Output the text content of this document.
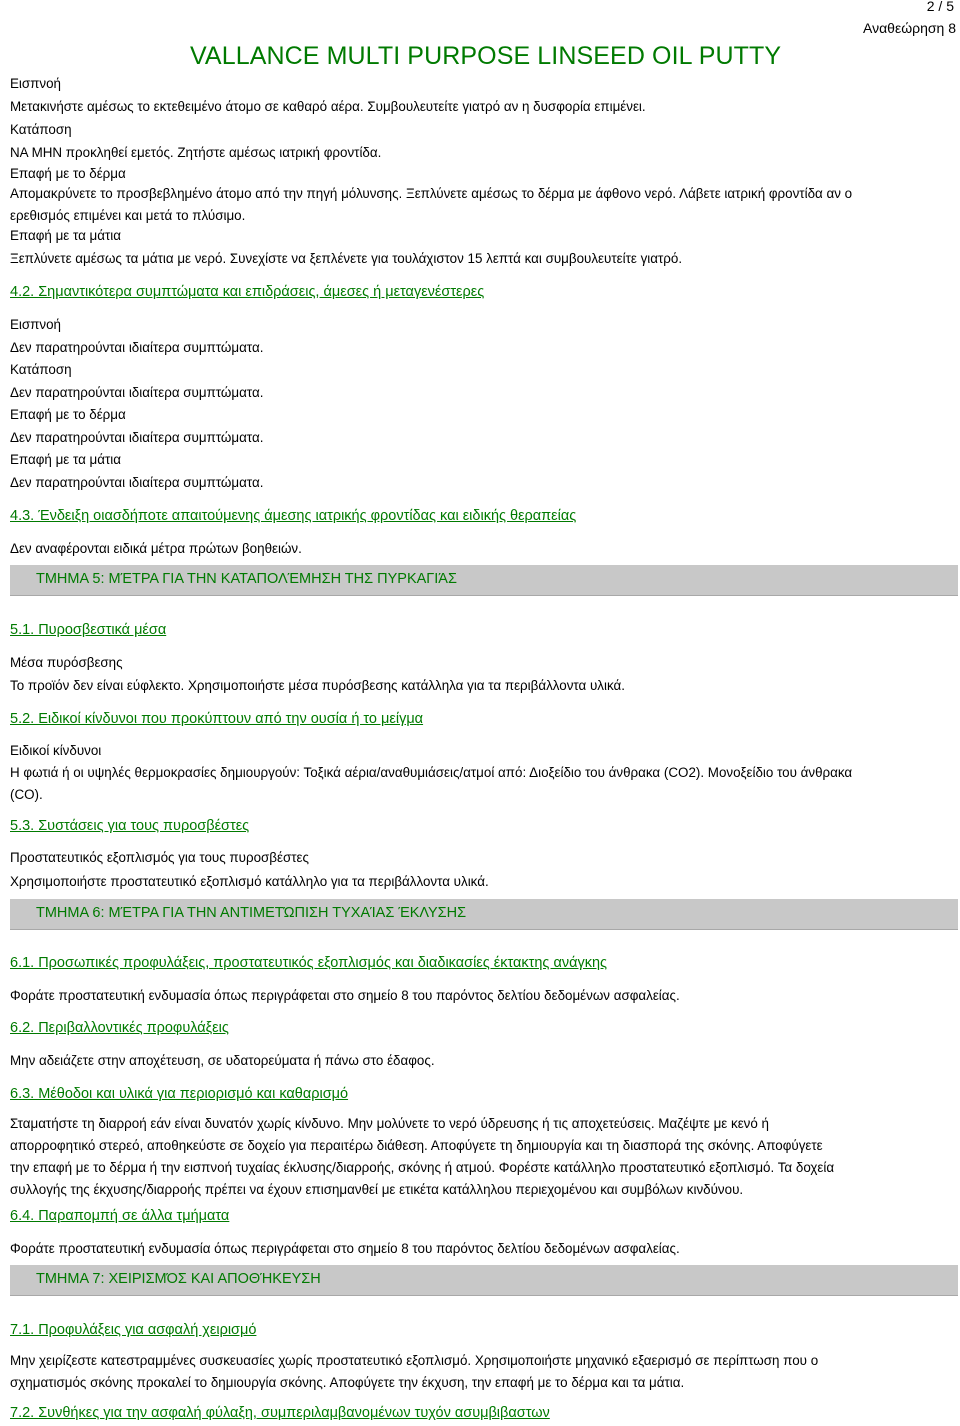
2 / 5
Αναθεώρηση 8
VALLANCE MULTI PURPOSE LINSEED OIL PUTTY
Εισπνοή
Μετακινήστε αμέσως το εκτεθειμένο άτομο σε καθαρό αέρα. Συμβουλευτείτε γιατρό αν η δυσφορία επιμένει.
Κατάποση
ΝΑ ΜΗΝ προκληθεί εμετός. Ζητήστε αμέσως ιατρική φροντίδα.
Επαφή με το δέρμα
Απομακρύνετε το προσβεβλημένο άτομο από την πηγή μόλυνσης. Ξεπλύνετε αμέσως το δέρμα με άφθονο νερό. Λάβετε ιατρική φροντίδα αν ο ερεθισμός επιμένει και μετά το πλύσιμο.
Επαφή με τα μάτια
Ξεπλύνετε αμέσως τα μάτια με νερό. Συνεχίστε να ξεπλένετε για τουλάχιστον 15 λεπτά και συμβουλευτείτε γιατρό.
4.2. Σημαντικότερα συμπτώματα και επιδράσεις, άμεσες ή μεταγενέστερες
Εισπνοή
Δεν παρατηρούνται ιδιαίτερα συμπτώματα.
Κατάποση
Δεν παρατηρούνται ιδιαίτερα συμπτώματα.
Επαφή με το δέρμα
Δεν παρατηρούνται ιδιαίτερα συμπτώματα.
Επαφή με τα μάτια
Δεν παρατηρούνται ιδιαίτερα συμπτώματα.
4.3. Ένδειξη οιασδήποτε απαιτούμενης άμεσης ιατρικής φροντίδας και ειδικής θεραπείας
Δεν αναφέρονται ειδικά μέτρα πρώτων βοηθειών.
ΤΜΗΜΑ 5: ΜΈΤΡΑ ΓΙΑ ΤΗΝ ΚΑΤΑΠΟΛΈΜΗΣΗ ΤΗΣ ΠΥΡΚΑΓΙΆΣ
5.1. Πυροσβεστικά μέσα
Μέσα πυρόσβεσης
Το προϊόν δεν είναι εύφλεκτο. Χρησιμοποιήστε μέσα πυρόσβεσης κατάλληλα για τα περιβάλλοντα υλικά.
5.2. Ειδικοί κίνδυνοι που προκύπτουν από την ουσία ή το μείγμα
Ειδικοί κίνδυνοι
Η φωτιά ή οι υψηλές θερμοκρασίες δημιουργούν: Τοξικά αέρια/αναθυμιάσεις/ατμοί από: Διοξείδιο του άνθρακα (CO2). Μονοξείδιο του άνθρακα (CO).
5.3. Συστάσεις για τους πυροσβέστες
Προστατευτικός εξοπλισμός για τους πυροσβέστες
Χρησιμοποιήστε προστατευτικό εξοπλισμό κατάλληλο για τα περιβάλλοντα υλικά.
ΤΜΗΜΑ 6: ΜΈΤΡΑ ΓΙΑ ΤΗΝ ΑΝΤΙΜΕΤΏΠΙΣΗ ΤΥΧΑΊΑΣ ΈΚΛΥΣΗΣ
6.1. Προσωπικές προφυλάξεις, προστατευτικός εξοπλισμός και διαδικασίες έκτακτης ανάγκης
Φοράτε προστατευτική ενδυμασία όπως περιγράφεται στο σημείο 8 του παρόντος δελτίου δεδομένων ασφαλείας.
6.2. Περιβαλλοντικές προφυλάξεις
Μην αδειάζετε στην αποχέτευση, σε υδατορεύματα ή πάνω στο έδαφος.
6.3. Μέθοδοι και υλικά για περιορισμό και καθαρισμό
Σταματήστε τη διαρροή εάν είναι δυνατόν χωρίς κίνδυνο. Μην μολύνετε το νερό ύδρευσης ή τις αποχετεύσεις. Μαζέψτε με κενό ή απορροφητικό στερεό, αποθηκεύστε σε δοχείο για περαιτέρω διάθεση. Αποφύγετε τη δημιουργία και τη διασπορά της σκόνης. Αποφύγετε την επαφή με το δέρμα ή την εισπνοή τυχαίας έκλυσης/διαρροής, σκόνης ή ατμού. Φορέστε κατάλληλο προστατευτικό εξοπλισμό. Τα δοχεία συλλογής της έκχυσης/διαρροής πρέπει να έχουν επισημανθεί με ετικέτα κατάλληλου περιεχομένου και συμβόλων κινδύνου.
6.4. Παραπομπή σε άλλα τμήματα
Φοράτε προστατευτική ενδυμασία όπως περιγράφεται στο σημείο 8 του παρόντος δελτίου δεδομένων ασφαλείας.
ΤΜΗΜΑ 7: ΧΕΙΡΙΣΜΌΣ ΚΑΙ ΑΠΟΘΉΚΕΥΣΗ
7.1. Προφυλάξεις για ασφαλή χειρισμό
Μην χειρίζεστε κατεστραμμένες συσκευασίες χωρίς προστατευτικό εξοπλισμό. Χρησιμοποιήστε μηχανικό εξαερισμό σε περίπτωση που ο σχηματισμός σκόνης προκαλεί το δημιουργία σκόνης. Αποφύγετε την έκχυση, την επαφή με το δέρμα και τα μάτια.
7.2. Συνθήκες για την ασφαλή φύλαξη, συμπεριλαμβανομένων τυχόν ασυμβιβαστων
